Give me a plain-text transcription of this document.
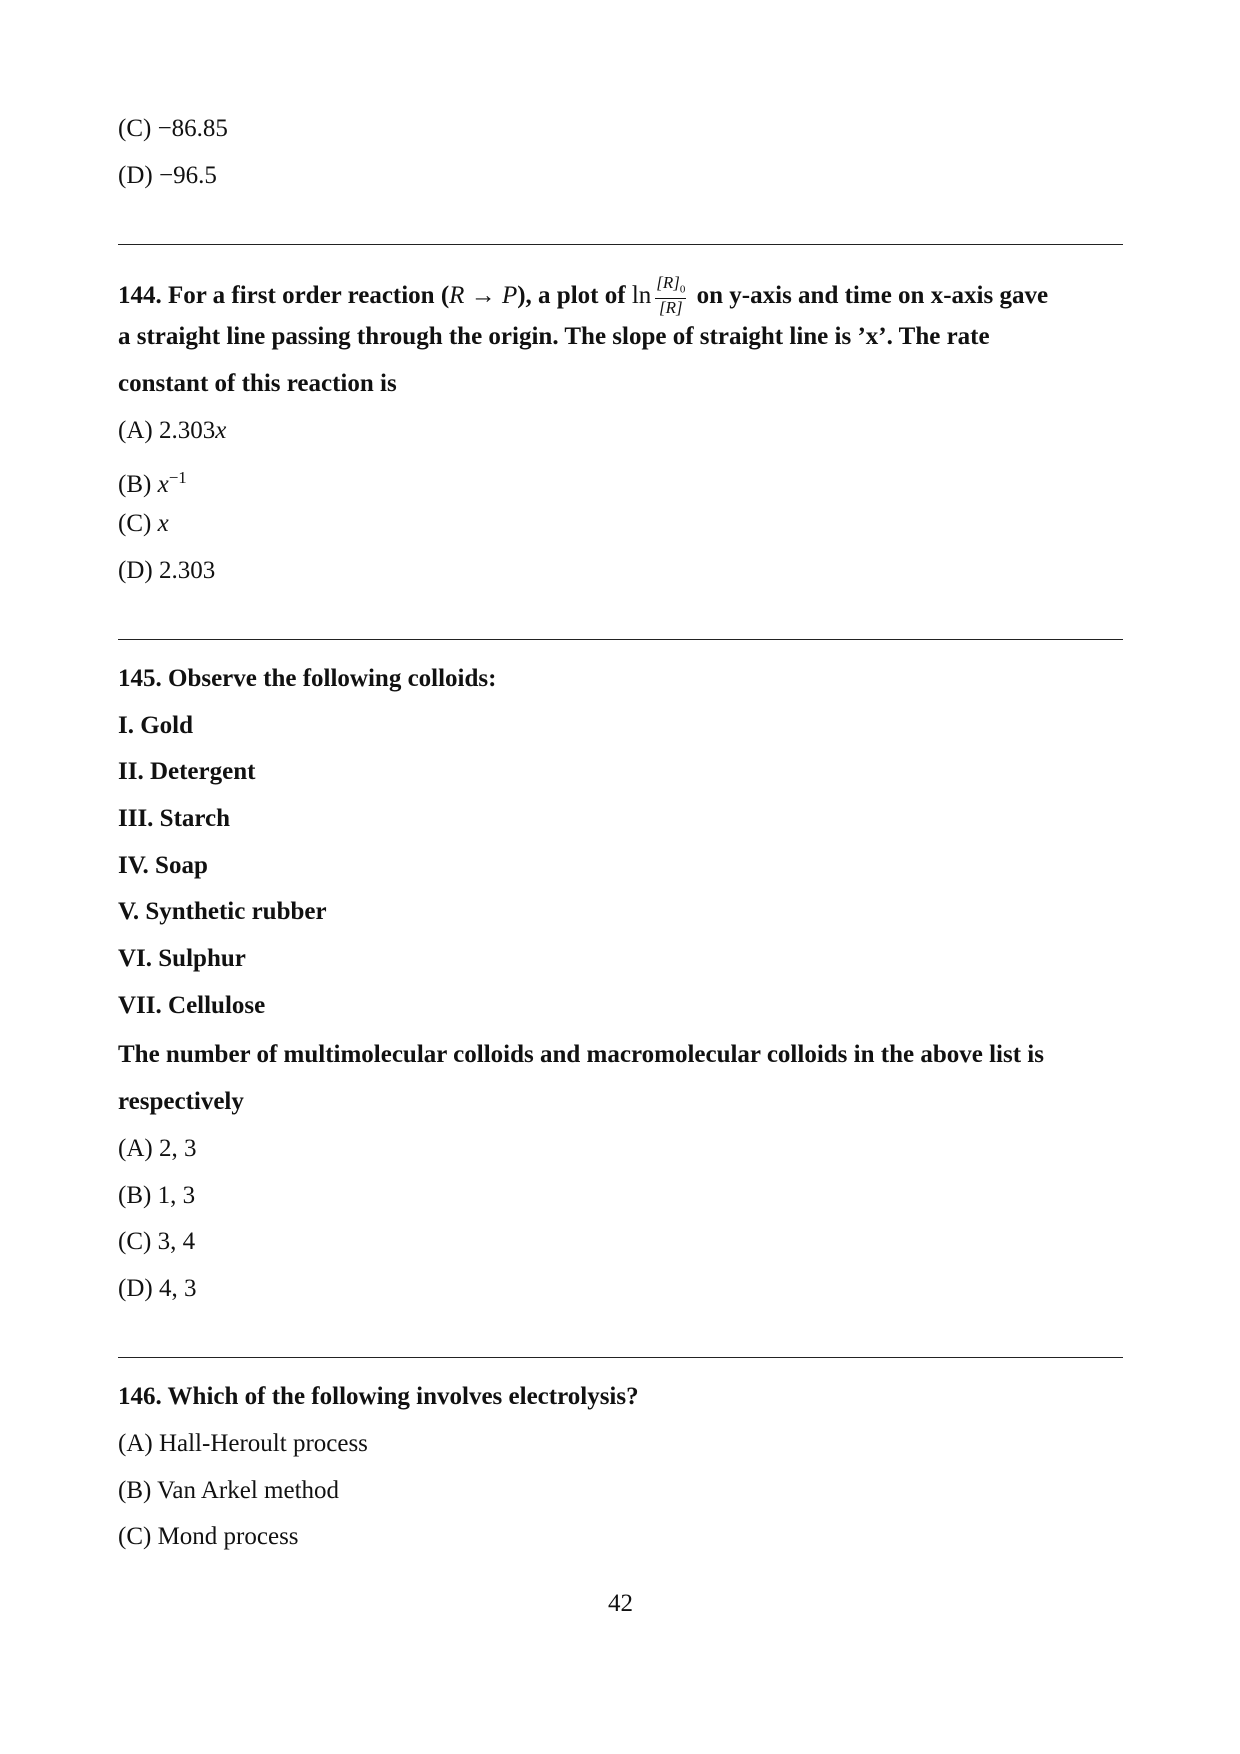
(C) −86.85
(D) −96.5
144. For a first order reaction (R → P), a plot of $\ln \frac{[R]_0}{[R]}$ on y-axis and time on x-axis gave
a straight line passing through the origin. The slope of straight line is ’x’. The rate
constant of this reaction is
(A) 2.303x
(B) $x^{-1}$
(C) x
(D) 2.303
145. Observe the following colloids:
I. Gold
II. Detergent
III. Starch
IV. Soap
V. Synthetic rubber
VI. Sulphur
VII. Cellulose
The number of multimolecular colloids and macromolecular colloids in the above list is
respectively
(A) 2, 3
(B) 1, 3
(C) 3, 4
(D) 4, 3
146. Which of the following involves electrolysis?
(A) Hall-Heroult process
(B) Van Arkel method
(C) Mond process
42
